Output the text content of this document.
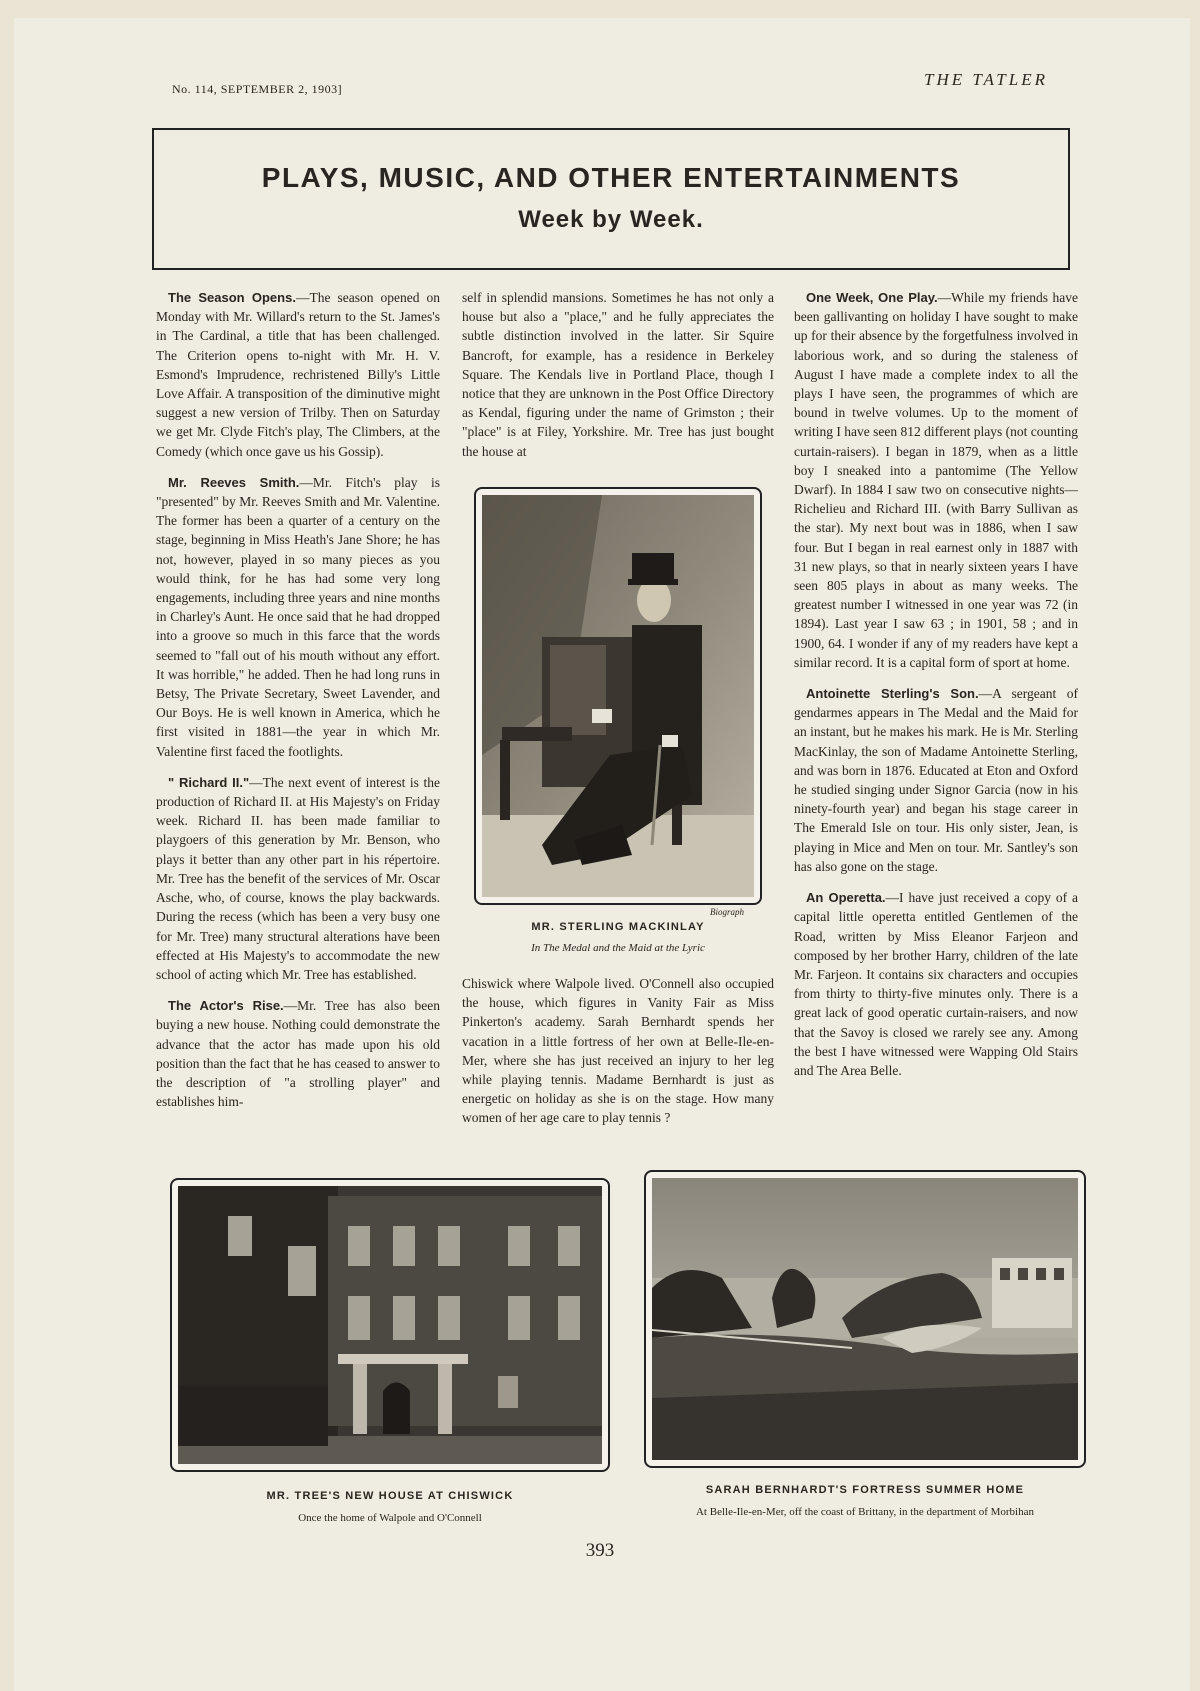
No. 114, SEPTEMBER 2, 1903]	THE TATLER
PLAYS, MUSIC, AND OTHER ENTERTAINMENTS
Week by Week.

The Season Opens.—The season opened on Monday with Mr. Willard's return to the St. James's in The Cardinal, a title that has been challenged. The Criterion opens to-night with Mr. H. V. Esmond's Imprudence, rechristened Billy's Little Love Affair. A transposition of the diminutive might suggest a new version of Trilby. Then on Saturday we get Mr. Clyde Fitch's play, The Climbers, at the Comedy (which once gave us his Gossip).

Mr. Reeves Smith.—Mr. Fitch's play is "presented" by Mr. Reeves Smith and Mr. Valentine. The former has been a quarter of a century on the stage, beginning in Miss Heath's Jane Shore; he has not, however, played in so many pieces as you would think, for he has had some very long engagements, including three years and nine months in Charley's Aunt. He once said that he had dropped into a groove so much in this farce that the words seemed to "fall out of his mouth without any effort. It was horrible," he added. Then he had long runs in Betsy, The Private Secretary, Sweet Lavender, and Our Boys. He is well known in America, which he first visited in 1881—the year in which Mr. Valentine first faced the footlights.

" Richard II."—The next event of interest is the production of Richard II. at His Majesty's on Friday week. Richard II. has been made familiar to playgoers of this generation by Mr. Benson, who plays it better than any other part in his répertoire. Mr. Tree has the benefit of the services of Mr. Oscar Asche, who, of course, knows the play backwards. During the recess (which has been a very busy one for Mr. Tree) many structural alterations have been effected at His Majesty's to accommodate the new school of acting which Mr. Tree has established.

The Actor's Rise.—Mr. Tree has also been buying a new house. Nothing could demonstrate the advance that the actor has made upon his old position than the fact that he has ceased to answer to the description of "a strolling player" and establishes him-

self in splendid mansions. Sometimes he has not only a house but also a "place," and he fully appreciates the subtle distinction involved in the latter. Sir Squire Bancroft, for example, has a residence in Berkeley Square. The Kendals live in Portland Place, though I notice that they are unknown in the Post Office Directory as Kendal, figuring under the name of Grimston ; their "place" is at Filey, Yorkshire. Mr. Tree has just bought the house at

Biograph
MR. STERLING MACKINLAY
In The Medal and the Maid at the Lyric

Chiswick where Walpole lived. O'Connell also occupied the house, which figures in Vanity Fair as Miss Pinkerton's academy. Sarah Bernhardt spends her vacation in a little fortress of her own at Belle-Ile-en-Mer, where she has just received an injury to her leg while playing tennis. Madame Bernhardt is just as energetic on holiday as she is on the stage. How many women of her age care to play tennis ?

One Week, One Play.—While my friends have been gallivanting on holiday I have sought to make up for their absence by the forgetfulness involved in laborious work, and so during the staleness of August I have made a complete index to all the plays I have seen, the programmes of which are bound in twelve volumes. Up to the moment of writing I have seen 812 different plays (not counting curtain-raisers). I began in 1879, when as a little boy I sneaked into a pantomime (The Yellow Dwarf). In 1884 I saw two on consecutive nights—Richelieu and Richard III. (with Barry Sullivan as the star). My next bout was in 1886, when I saw four. But I began in real earnest only in 1887 with 31 new plays, so that in nearly sixteen years I have seen 805 plays in about as many weeks. The greatest number I witnessed in one year was 72 (in 1894). Last year I saw 63 ; in 1901, 58 ; and in 1900, 64. I wonder if any of my readers have kept a similar record. It is a capital form of sport at home.

Antoinette Sterling's Son.—A sergeant of gendarmes appears in The Medal and the Maid for an instant, but he makes his mark. He is Mr. Sterling MacKinlay, the son of Madame Antoinette Sterling, and was born in 1876. Educated at Eton and Oxford he studied singing under Signor Garcia (now in his ninety-fourth year) and began his stage career in The Emerald Isle on tour. His only sister, Jean, is playing in Mice and Men on tour. Mr. Santley's son has also gone on the stage.

An Operetta.—I have just received a copy of a capital little operetta entitled Gentlemen of the Road, written by Miss Eleanor Farjeon and composed by her brother Harry, children of the late Mr. Farjeon. It contains six characters and occupies from thirty to thirty-five minutes only. There is a great lack of good operatic curtain-raisers, and now that the Savoy is closed we rarely see any. Among the best I have witnessed were Wapping Old Stairs and The Area Belle.

MR. TREE'S NEW HOUSE AT CHISWICK
Once the home of Walpole and O'Connell
SARAH BERNHARDT'S FORTRESS SUMMER HOME
At Belle-Ile-en-Mer, off the coast of Brittany, in the department of Morbihan
393
